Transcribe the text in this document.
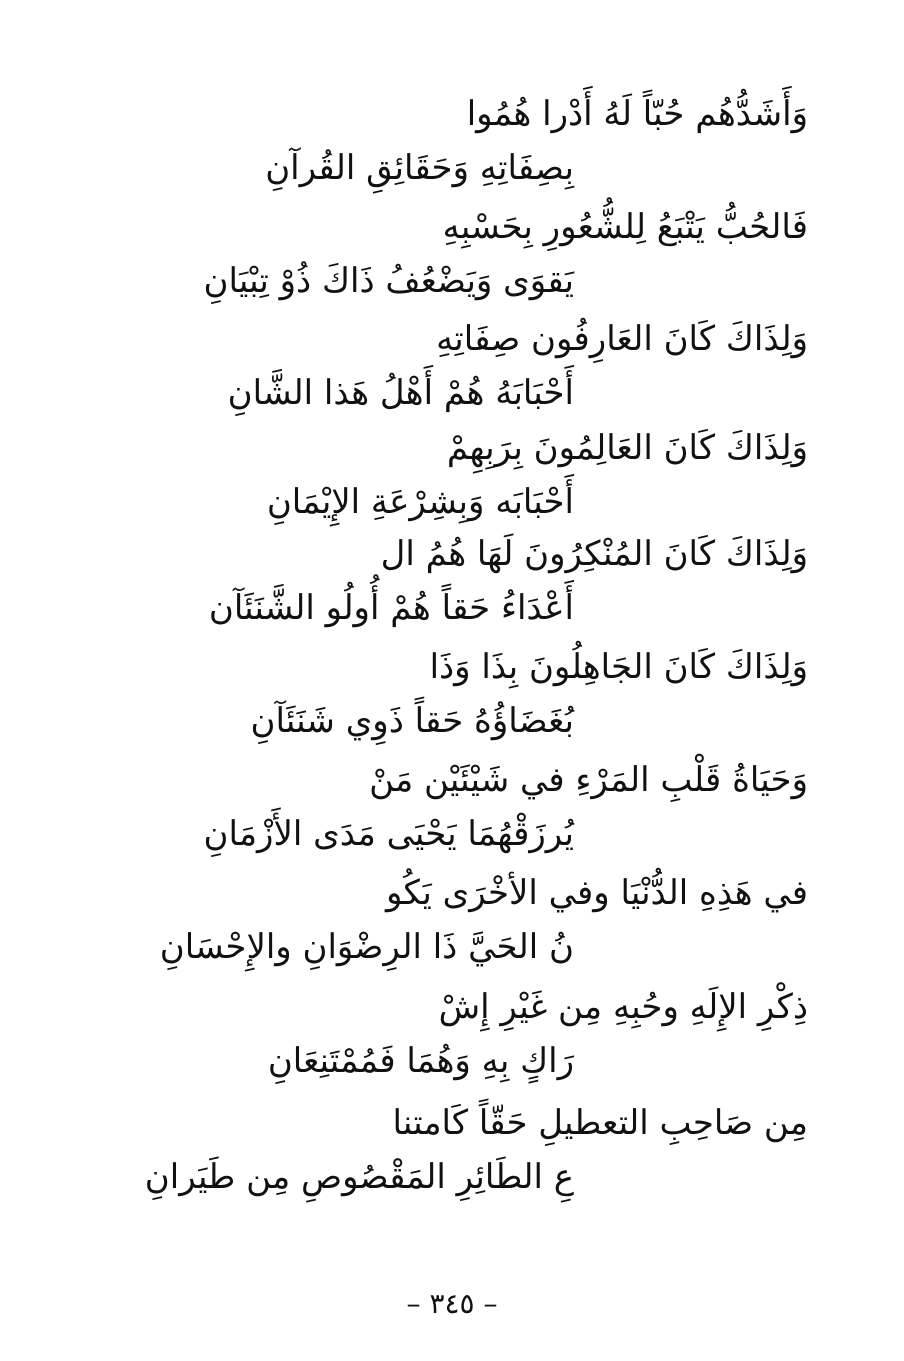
وَأَشَدُّهُم حُبّاً لَهُ أَدْرا هُمُوا
بِصِفَاتِهِ وَحَقَائِقِ القُرآنِ
فَالحُبُّ يَتْبَعُ لِلشُّعُورِ بِحَسْبِهِ
يَقوَى وَيَضْعُفُ ذَاكَ ذُوْ تِبْيَانِ
وَلِذَاكَ كَانَ العَارِفُون صِفَاتِهِ
أَحْبَابَهُ هُمْ أَهْلُ هَذا الشَّانِ
وَلِذَاكَ كَانَ العَالِمُونَ بِرَبِهِمْ
أَحْبَابَه وَبِشِرْعَةِ الإِيْمَانِ
وَلِذَاكَ كَانَ المُنْكِرُونَ لَهَا هُمُ ال
أَعْدَاءُ حَقاً هُمْ أُولُو الشَّنَئَآن
وَلِذَاكَ كَانَ الجَاهِلُونَ بِذَا وَذَا
بُغَضَاؤُهُ حَقاً ذَوِي شَنَئَآنِ
وَحَيَاةُ قَلْبِ المَرْءِ في شَيْئَيْن مَنْ
يُرزَقْهُمَا يَحْيَى مَدَى الأَزْمَانِ
في هَذِهِ الدُّنْيَا وفي الأخْرَى يَكُو
نُ الحَيَّ ذَا الرِضْوَانِ والإِحْسَانِ
ذِكْرِ الإِلَهِ وحُبِهِ مِن غَيْرِ إِشْ
رَاكٍ بِهِ وَهُمَا فَمُمْتَنِعَانِ
مِن صَاحِبِ التعطيلِ حَقّاً كَامتنا
عِ الطَائِرِ المَقْصُوصِ مِن طَيَرانِ
– ٣٤٥ –
